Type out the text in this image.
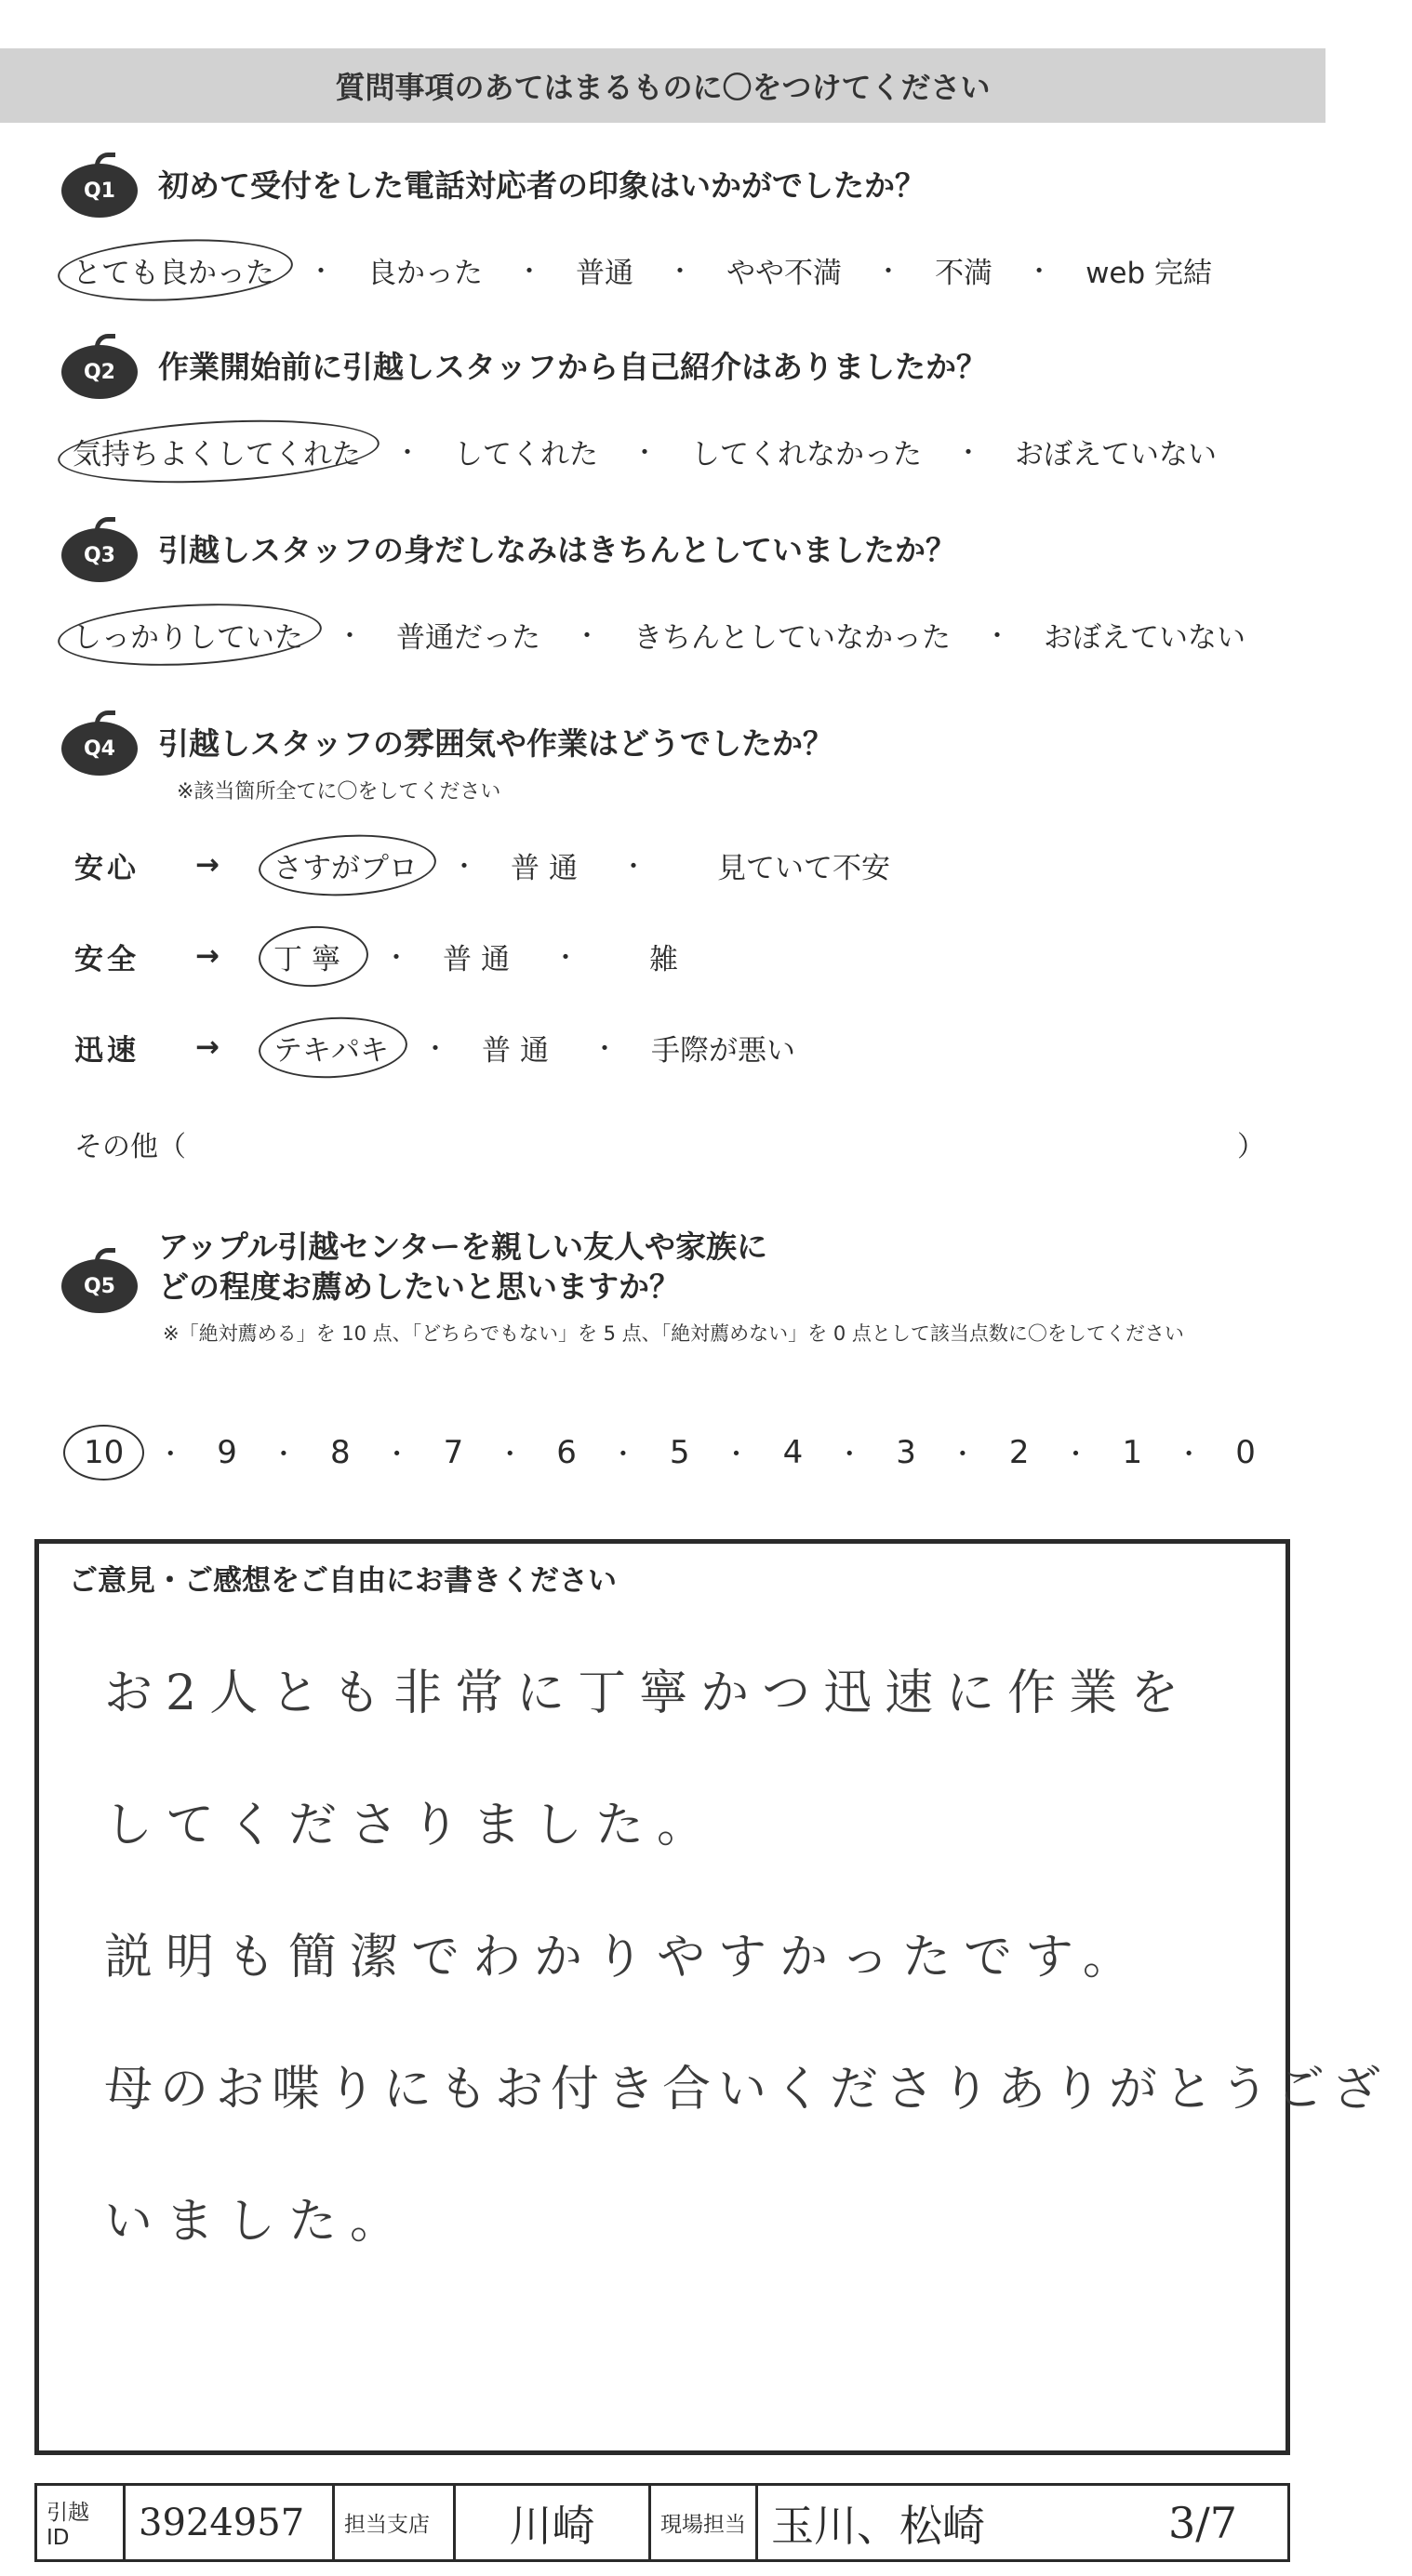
質問事項のあてはまるものに〇をつけてください
Q1	初めて受付をした電話対応者の印象はいかがでしたか？
とても良かった ・ 良かった ・ 普通 ・ やや不満 ・ 不満 ・ web 完結
Q2	作業開始前に引越しスタッフから自己紹介はありましたか？
気持ちよくしてくれた ・ してくれた ・ してくれなかった ・ おぼえていない
Q3	引越しスタッフの身だしなみはきちんとしていましたか？
しっかりしていた ・ 普通だった ・ きちんとしていなかった ・ おぼえていない
Q4	引越しスタッフの雰囲気や作業はどうでしたか？
※該当箇所全てに〇をしてください
安心	→ さすがプロ ・ 普通 ・ 見ていて不安
安全	→ 丁寧 ・ 普通 ・ 雑
迅速	→ テキパキ ・ 普通 ・ 手際が悪い
その他（	）
Q5
アップル引越センターを親しい友人や家族に
どの程度お薦めしたいと思いますか？
※「絶対薦める」を 10 点、「どちらでもない」を 5 点、「絶対薦めない」を 0 点として該当点数に〇をしてください
10	・ 9	・ 8	・ 7	・ 6	・ 5	・ 4	・ 3	・ 2	・ 1	・ 0
ご意見・ご感想をご自由にお書きください
お2人とも非常に丁寧かつ迅速に作業を
してくださりました。
説明も簡潔でわかりやすかったです。
母のお喋りにもお付き合いくださりありがとうござ
いました。
引越 ID	3924957	担当支店	川崎	現場担当 玉川、松崎	3/7
